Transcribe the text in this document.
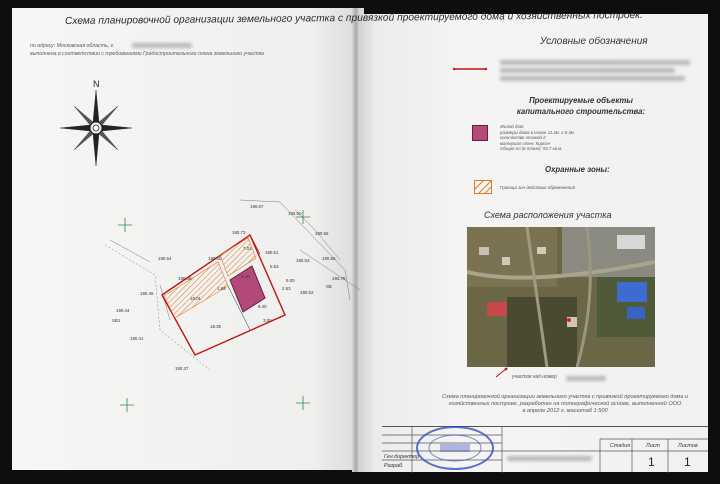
Схема планировочной организации земельного участка с привязкой проектируемого дома и хозяйственных построек.
по адресу: Московская область, г.
выполнена в соответствии с требованиями Градостроительного плана земельного участка
N
190.67
190.60
190.56
190.55
190.53
190.51
190.50
190.48
190.46
190.44
190.41
190.37
190.73
190.75
190.54
190.52
5.53
2.53
18.35
18.01
8.40
5.40
7.01
5.00
3.00
SB
SB1
1.63
Условные обозначения
Проектируемые объекты капитального строительства:
Жилой дом:
размеры дома в плане 11.2м. х 8.4м
количество этажей-2
материал стен: Кирпич
Общая пл (в плане): 93.7 кв.м.
Охранные зоны:
Граница зон действия обременений
Схема расположения участка
участок кад.номер
Схема планировочной организации земельного участка с привязкой проектируемого дома и
хозяйственных построек, разработан на топографической основе, выполненной ООО
в апреле 2012 г. масштаб 1:500
Стадия	Лист	Листов
1 1
Ген.директор
Разраб.
